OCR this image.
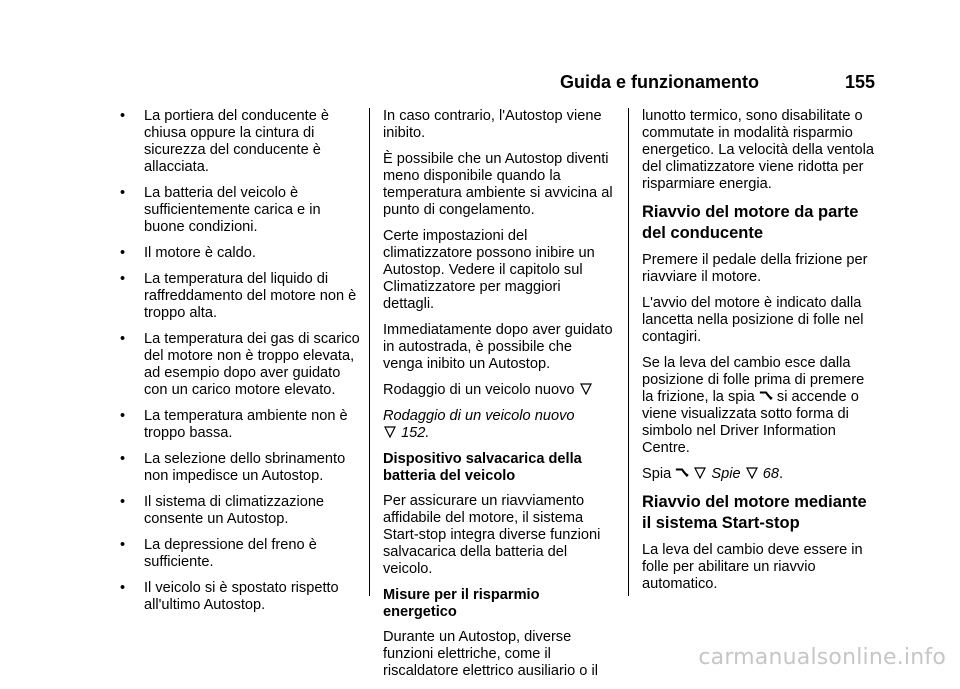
Guida e funzionamento	155
•	La portiera del conducente è chiusa oppure la cintura di sicurezza del conducente è allacciata.
•	La batteria del veicolo è sufficientemente carica e in buone condizioni.
•	Il motore è caldo.
•	La temperatura del liquido di raffreddamento del motore non è troppo alta.
•	La temperatura dei gas di scarico del motore non è troppo elevata, ad esempio dopo aver guidato con un carico motore elevato.
•	La temperatura ambiente non è troppo bassa.
•	La selezione dello sbrinamento non impedisce un Autostop.
•	Il sistema di climatizzazione consente un Autostop.
•	La depressione del freno è sufficiente.
•	Il veicolo si è spostato rispetto all'ultimo Autostop.

In caso contrario, l'Autostop viene inibito.

È possibile che un Autostop diventi meno disponibile quando la temperatura ambiente si avvicina al punto di congelamento.

Certe impostazioni del climatizzatore possono inibire un Autostop. Vedere il capitolo sul Climatizzatore per maggiori dettagli.

Immediatamente dopo aver guidato in autostrada, è possibile che venga inibito un Autostop.

Rodaggio di un veicolo nuovo

Rodaggio di un veicolo nuovo
152.

Dispositivo salvacarica della batteria del veicolo

Per assicurare un riavviamento affidabile del motore, il sistema Start-stop integra diverse funzioni salvacarica della batteria del veicolo.

Misure per il risparmio energetico

Durante un Autostop, diverse funzioni elettriche, come il riscaldatore elettrico ausiliario o il

lunotto termico, sono disabilitate o commutate in modalità risparmio energetico. La velocità della ventola del climatizzatore viene ridotta per risparmiare energia.

Riavvio del motore da parte del conducente

Premere il pedale della frizione per riavviare il motore.

L'avvio del motore è indicato dalla lancetta nella posizione di folle nel contagiri.

Se la leva del cambio esce dalla posizione di folle prima di premere la frizione, la spia si accende o viene visualizzata sotto forma di simbolo nel Driver Information Centre.

Spia	Spie 68.

Riavvio del motore mediante il sistema Start-stop

La leva del cambio deve essere in folle per abilitare un riavvio automatico.

carmanualsonline.info
